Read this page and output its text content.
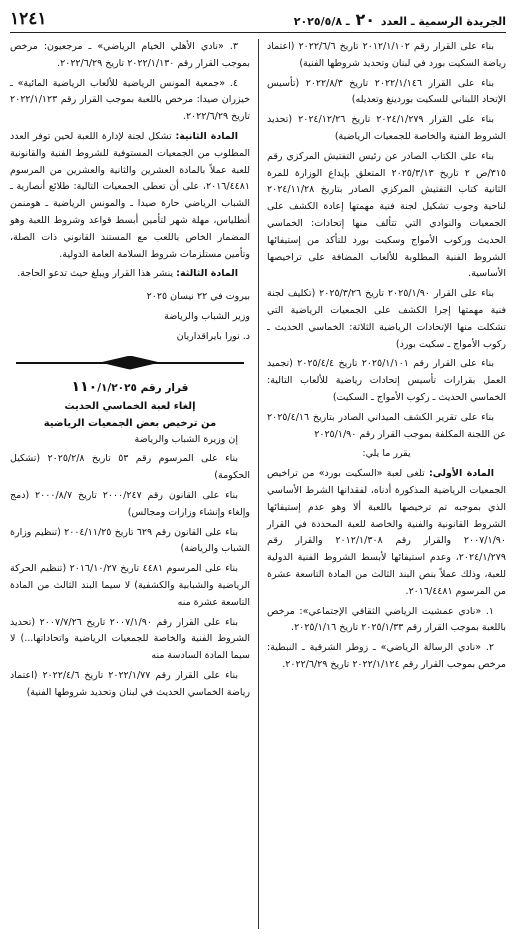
الجريدة الرسمية ـ العدد ٢٠ ـ ٢٠٢٥/٥/٨
١٢٤١

بناء على القرار رقم ٢٠١٢/١/١٠٢ تاريخ ٢٠٢٢/٦/٦ (اعتماد رياضة السكيت بورد في لبنان وتحديد شروطها الفنية)

بناء على القرار ٢٠٢٢/١/١٤٦ تاريخ ٢٠٢٢/٨/٣ (تأسيس الإتحاد اللبناني للسكيت بوردينغ وتعديله)

بناء على القرار ٢٠٢٤/١/٢٧٩ تاريخ ٢٠٢٤/١٢/٢٦ (تحديد الشروط الفنية والخاصة للجمعيات الرياضية)

بناء على الكتاب الصادر عن رئيس التفتيش المركزي رقم ٣١٥/ص ٢ تاريخ ٢٠٢٥/٣/١٣ المتعلق بإيداع الوزارة للمرة الثانية كتاب التفتيش المركزي الصادر بتاريخ ٢٠٢٤/١١/٢٨ لناحية وجوب تشكيل لجنة فنية مهمتها إعادة الكشف على الجمعيات والنوادي التي تتألف منها إتحادات: الخماسي الحديث وركوب الأمواج وسكيت بورد للتأكد من إستيفائها الشروط الفنية المطلوبة للألعاب المضافة على تراخيصها الأساسية.

بناء على القرار ٢٠٢٥/١/٩٠ تاريخ ٢٠٢٥/٣/٢٦ (تكليف لجنة فنية مهمتها إجرا الكشف على الجمعيات الرياضية التي تشكلت منها الإتحادات الرياضية الثلاثة: الخماسي الحديث ـ ركوب الأمواج ـ سكيت بورد)

بناء على القرار رقم ٢٠٢٥/١/١٠١ تاريخ ٢٠٢٥/٤/٤ (تجميد العمل بقرارات تأسيس إتحادات رياضية للألعاب التالية: الخماسي الحديث ـ ركوب الأمواج ـ السكيت)

بناء على تقرير الكشف الميداني الصادر بتاريخ ٢٠٢٥/٤/١٦ عن اللجنة المكلفة بموجب القرار رقم ٢٠٢٥/١/٩٠

يقرر ما يلي:

المادة الأولى: تلغى لعبة «السكيت بورد» من تراخيص الجمعيات الرياضية المذكورة أدناه، لفقدانها الشرط الأساسي الذي بموجبه تم ترخيصها باللعبة ألا وهو عدم إستيفائها الشروط القانونية والفنية والخاصة للعبة المحددة في القرار ٢٠٠٧/١/٩٠ والقرار رقم ٢٠١٢/١/٣٠٨ والقرار رقم ٢٠٢٤/١/٢٧٩، وعدم استيفائها لأبسط الشروط الفنية الدولية للعبة، وذلك عملاً بنص البند الثالث من المادة التاسعة عشرة من المرسوم ٢٠١٦/٤٤٨١.

١. «نادي عمشيت الرياضي الثقافي الإجتماعي»: مرخص باللعبة بموجب القرار رقم ٢٠٢٥/١/٣٣ تاريخ ٢٠٢٥/١/١٦.

٢. «نادي الرسالة الرياضي» ـ زوطر الشرقية ـ النبطية: مرخص بموجب القرار رقم ٢٠٢٢/١/١٢٤ تاريخ ٢٠٢٢/٦/٢٩.

٣. «نادي الأهلي الخيام الرياضي» ـ مرجعيون: مرخص بموجب القرار رقم ٢٠٢٢/١/١٣٠ تاريخ ٢٠٢٢/٦/٢٩.

٤. «جمعية المونس الرياضية للألعاب الرياضية المائية» ـ خيزران صيدا: مرخص باللعبة بموجب القرار رقم ٢٠٢٢/١/١٢٣ تاريخ ٢٠٢٢/٦/٢٩.

المادة الثانية: تشكل لجنة لإدارة اللعبة لحين توفر العدد المطلوب من الجمعيات المستوفية للشروط الفنية والقانونية للعبة عملاً بالمادة العشرين والثانية والعشرين من المرسوم ٢٠١٦/٤٤٨١، على أن تعطى الجمعيات التالية: طلائع أنصارية ـ الشباب الرياضي حارة صيدا ـ والمونس الرياضية ـ هومنمن أنطلياس، مهلة شهر لتأمين أبسط قواعد وشروط اللعبة وهو المضمار الخاص باللعب مع المستند القانوني ذات الصلة، وتأمين مستلزمات شروط السلامة العامة الدولية.

المادة الثالثة: ينشر هذا القرار ويبلغ حيث تدعو الحاجة.

بيروت في ٢٢ نيسان ٢٠٢٥

وزير الشباب والرياضة

د. نورا بايراقداريان

قرار رقم ١١٠/١/٢٠٢٥
إلغاء لعبة الخماسي الحديث
من ترخيص بعض الجمعيات الرياضية

إن وزيرة الشباب والرياضة

بناء على المرسوم رقم ٥٣ تاريخ ٢٠٢٥/٢/٨ (تشكيل الحكومة)

بناء على القانون رقم ٢٠٠٠/٢٤٧ تاريخ ٢٠٠٠/٨/٧ (دمج وإلغاء وإنشاء وزارات ومجالس)

بناء على القانون رقم ٦٢٩ تاريخ ٢٠٠٤/١١/٢٥ (تنظيم وزارة الشباب والرياضة)

بناء على المرسوم ٤٤٨١ تاريخ ٢٠١٦/١٠/٢٧ (تنظيم الحركة الرياضية والشبابية والكشفية) لا سيما البند الثالث من المادة التاسعة عشرة منه

بناء على القرار رقم ٢٠٠٧/١/٩٠ تاريخ ٢٠٠٧/٧/٢٦ (تحديد الشروط الفنية والخاصة للجمعيات الرياضية واتحاداتها...) لا سيما المادة السادسة منه

بناء على القرار رقم ٢٠٢٢/١/٧٧ تاريخ ٢٠٢٢/٤/٦ (اعتماد رياضة الخماسي الحديث في لبنان وتحديد شروطها الفنية)
